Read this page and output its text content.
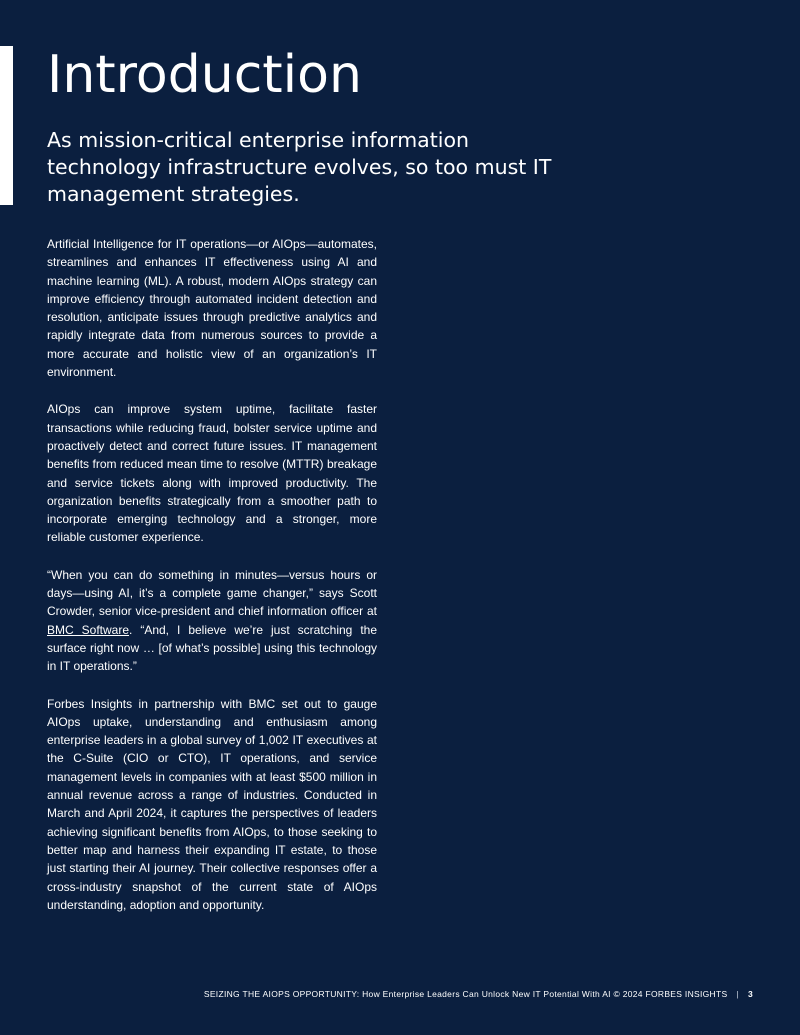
Introduction
As mission-critical enterprise information technology infrastructure evolves, so too must IT management strategies.

Artificial Intelligence for IT operations—or AIOps—automates, streamlines and enhances IT effectiveness using AI and machine learning (ML). A robust, modern AIOps strategy can improve efficiency through automated incident detection and resolution, anticipate issues through predictive analytics and rapidly integrate data from numerous sources to provide a more accurate and holistic view of an organization’s IT environment.

AIOps can improve system uptime, facilitate faster transactions while reducing fraud, bolster service uptime and proactively detect and correct future issues. IT management benefits from reduced mean time to resolve (MTTR) breakage and service tickets along with improved productivity. The organization benefits strategically from a smoother path to incorporate emerging technology and a stronger, more reliable customer experience.

“When you can do something in minutes—versus hours or days—using AI, it’s a complete game changer,” says Scott Crowder, senior vice-president and chief information officer at BMC Software. “And, I believe we’re just scratching the surface right now … [of what’s possible] using this technology in IT operations.”

Forbes Insights in partnership with BMC set out to gauge AIOps uptake, understanding and enthusiasm among enterprise leaders in a global survey of 1,002 IT executives at the C-Suite (CIO or CTO), IT operations, and service management levels in companies with at least $500 million in annual revenue across a range of industries. Conducted in March and April 2024, it captures the perspectives of leaders achieving significant benefits from AIOps, to those seeking to better map and harness their expanding IT estate, to those just starting their AI journey. Their collective responses offer a cross-industry snapshot of the current state of AIOps understanding, adoption and opportunity.

SEIZING THE AIOPS OPPORTUNITY: How Enterprise Leaders Can Unlock New IT Potential With AI © 2024 FORBES INSIGHTS | 3
